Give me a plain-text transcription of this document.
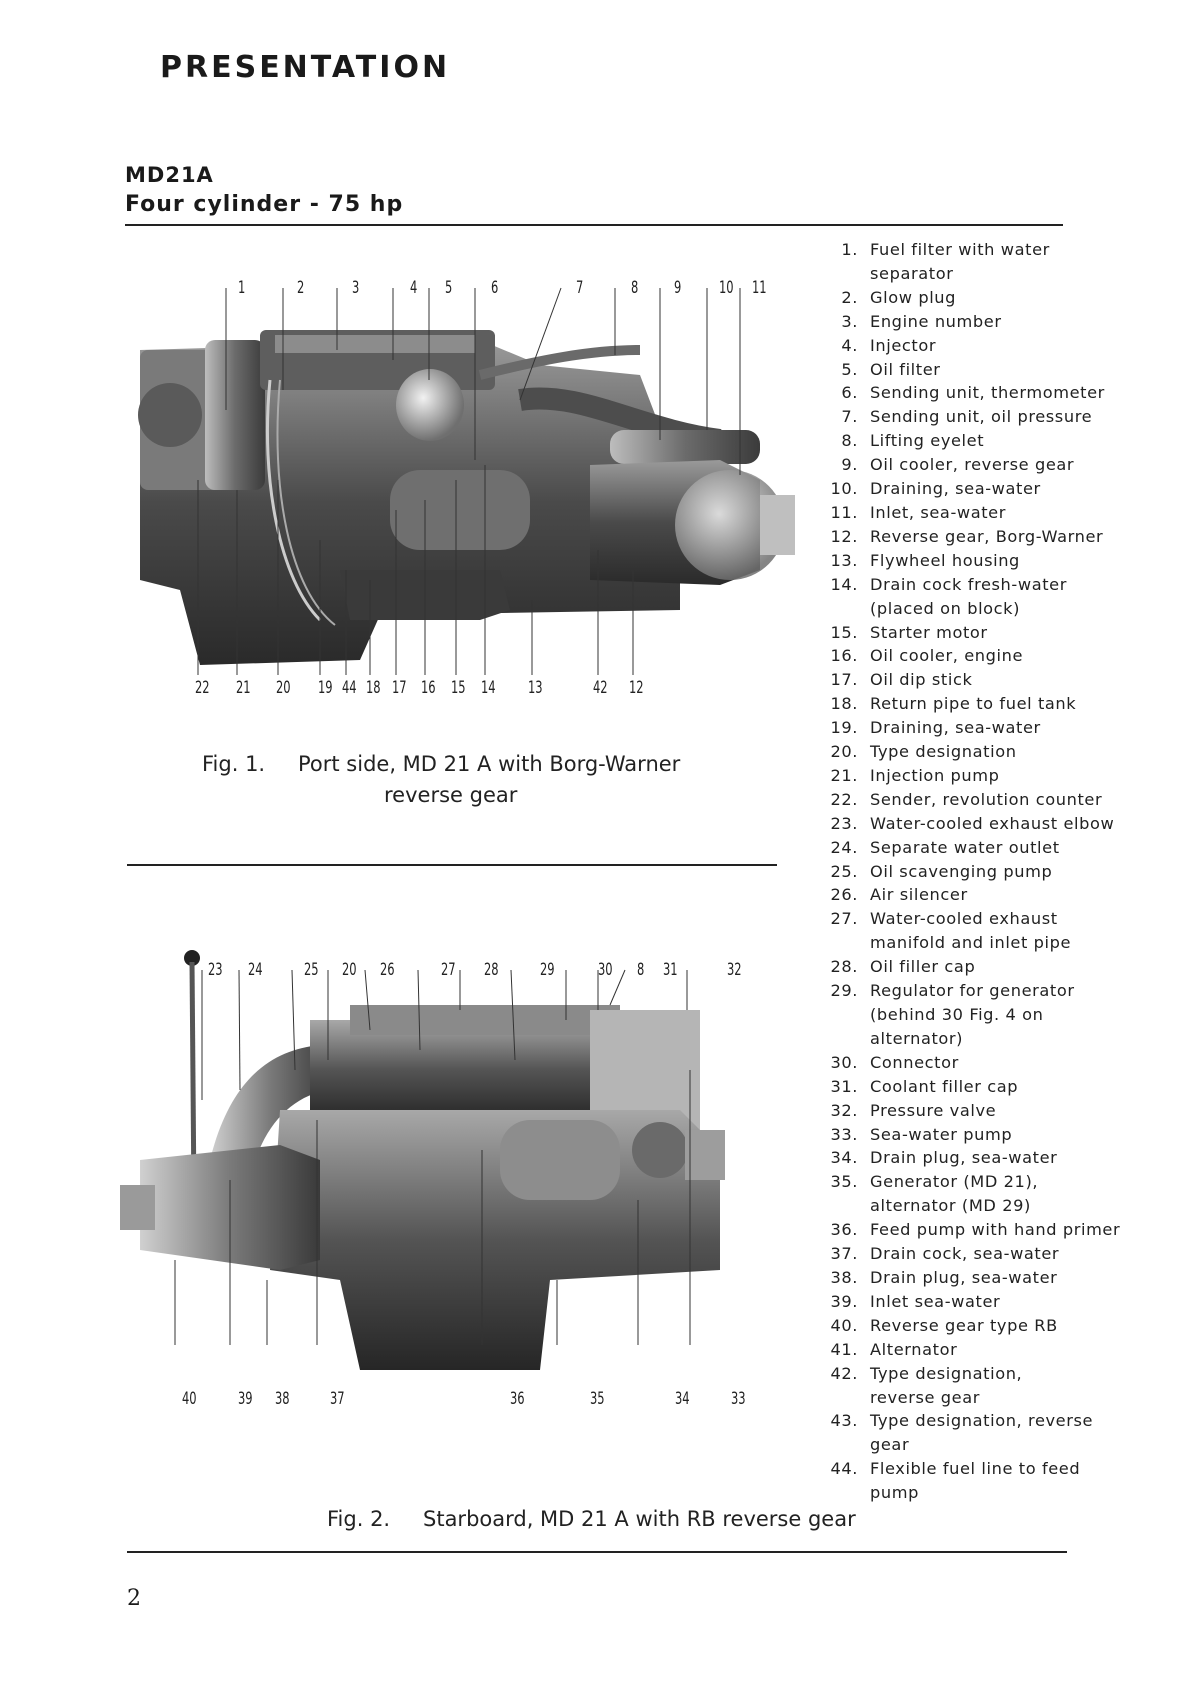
PRESENTATION
MD21A
Four cylinder - 75 hp
1	2	3	4 5 6	7	8 9 10 11
22 21 20 19 44 18 17 16 15 14 13	42 12
Fig. 1. Port side, MD 21 A with Borg-Warner
reverse gear
23 24 25 20 26	27 28 29	30 8 31	32
40 39 38 37	36	35	34 33
Fig. 2. Starboard, MD 21 A with RB reverse gear
1. Fuel filter with water
separator
2. Glow plug
3. Engine number
4. Injector
5. Oil filter
6. Sending unit, thermometer
7. Sending unit, oil pressure
8. Lifting eyelet
9. Oil cooler, reverse gear
10. Draining, sea-water
11. Inlet, sea-water
12. Reverse gear, Borg-Warner
13. Flywheel housing
14. Drain cock fresh-water
(placed on block)
15. Starter motor
16. Oil cooler, engine
17. Oil dip stick
18. Return pipe to fuel tank
19. Draining, sea-water
20. Type designation
21. Injection pump
22. Sender, revolution counter
23. Water-cooled exhaust elbow
24. Separate water outlet
25. Oil scavenging pump
26. Air silencer
27. Water-cooled exhaust
manifold and inlet pipe
28. Oil filler cap
29. Regulator for generator
(behind 30 Fig. 4 on
alternator)
30. Connector
31. Coolant filler cap
32. Pressure valve
33. Sea-water pump
34. Drain plug, sea-water
35. Generator (MD 21),
alternator (MD 29)
36. Feed pump with hand primer
37. Drain cock, sea-water
38. Drain plug, sea-water
39. Inlet sea-water
40. Reverse gear type RB
41. Alternator
42. Type designation,
reverse gear
43. Type designation, reverse
gear
44. Flexible fuel line to feed
pump
2
